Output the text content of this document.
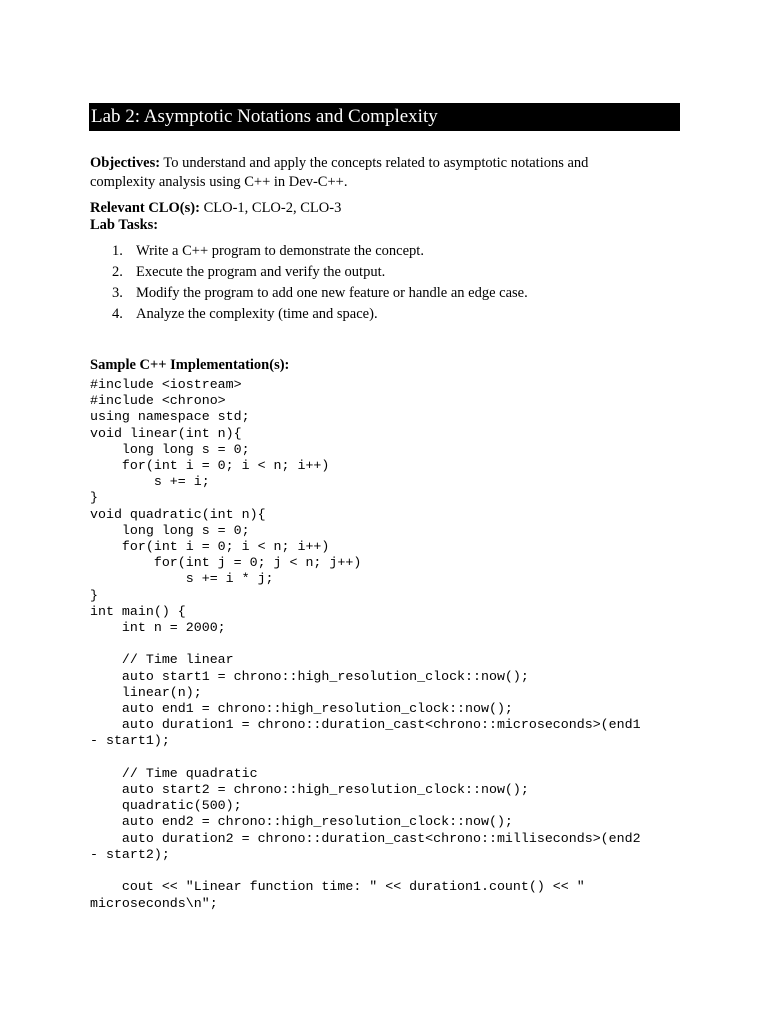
Lab 2: Asymptotic Notations and Complexity
Objectives: To understand and apply the concepts related to asymptotic notations and complexity analysis using C++ in Dev-C++.
Relevant CLO(s): CLO-1, CLO-2, CLO-3
Lab Tasks:
1. Write a C++ program to demonstrate the concept.
2. Execute the program and verify the output.
3. Modify the program to add one new feature or handle an edge case.
4. Analyze the complexity (time and space).
Sample C++ Implementation(s):
#include <iostream>
#include <chrono>
using namespace std;
void linear(int n){
long long s = 0;
for(int i = 0; i < n; i++)
s += i;
}
void quadratic(int n){
long long s = 0;
for(int i = 0; i < n; i++)
for(int j = 0; j < n; j++)
s += i * j;
}
int main() {
int n = 2000;

// Time linear
auto start1 = chrono::high_resolution_clock::now();
linear(n);
auto end1 = chrono::high_resolution_clock::now();
auto duration1 = chrono::duration_cast<chrono::microseconds>(end1
- start1);

// Time quadratic
auto start2 = chrono::high_resolution_clock::now();
quadratic(500);
auto end2 = chrono::high_resolution_clock::now();
auto duration2 = chrono::duration_cast<chrono::milliseconds>(end2
- start2);

cout << "Linear function time: " << duration1.count() << "
microseconds\n";
